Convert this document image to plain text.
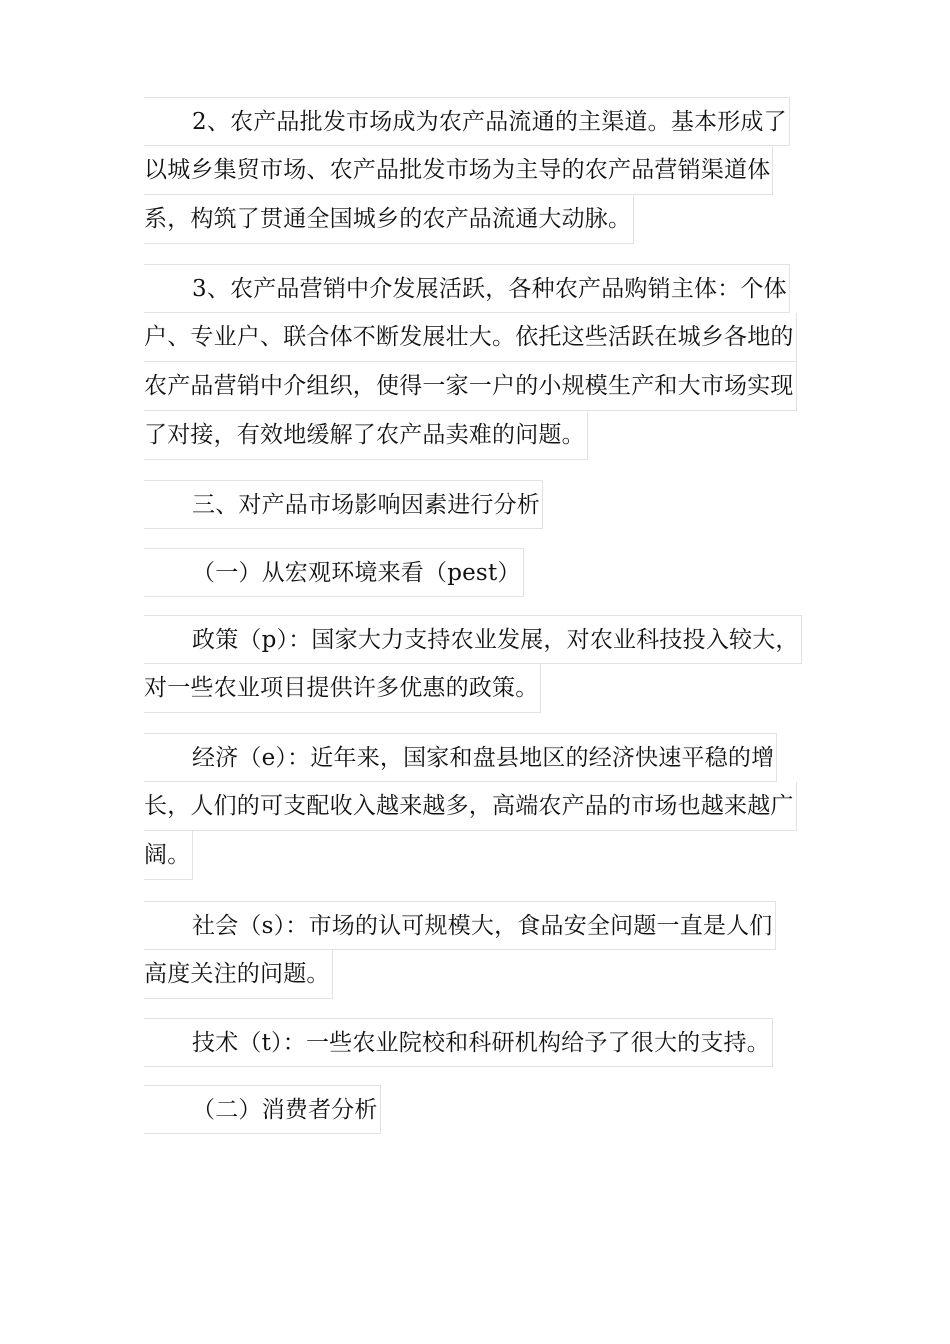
2、农产品批发市场成为农产品流通的主渠道。基本形成了
以城乡集贸市场、农产品批发市场为主导的农产品营销渠道体
系，构筑了贯通全国城乡的农产品流通大动脉。
3、农产品营销中介发展活跃，各种农产品购销主体：个体
户、专业户、联合体不断发展壮大。依托这些活跃在城乡各地的
农产品营销中介组织，使得一家一户的小规模生产和大市场实现
了对接，有效地缓解了农产品卖难的问题。
三、对产品市场影响因素进行分析
（一）从宏观环境来看（pest）
政策（p）：国家大力支持农业发展，对农业科技投入较大，
对一些农业项目提供许多优惠的政策。
经济（e）：近年来，国家和盘县地区的经济快速平稳的增
长，人们的可支配收入越来越多，高端农产品的市场也越来越广
阔。
社会（s）：市场的认可规模大，食品安全问题一直是人们
高度关注的问题。
技术（t）：一些农业院校和科研机构给予了很大的支持。
（二）消费者分析
